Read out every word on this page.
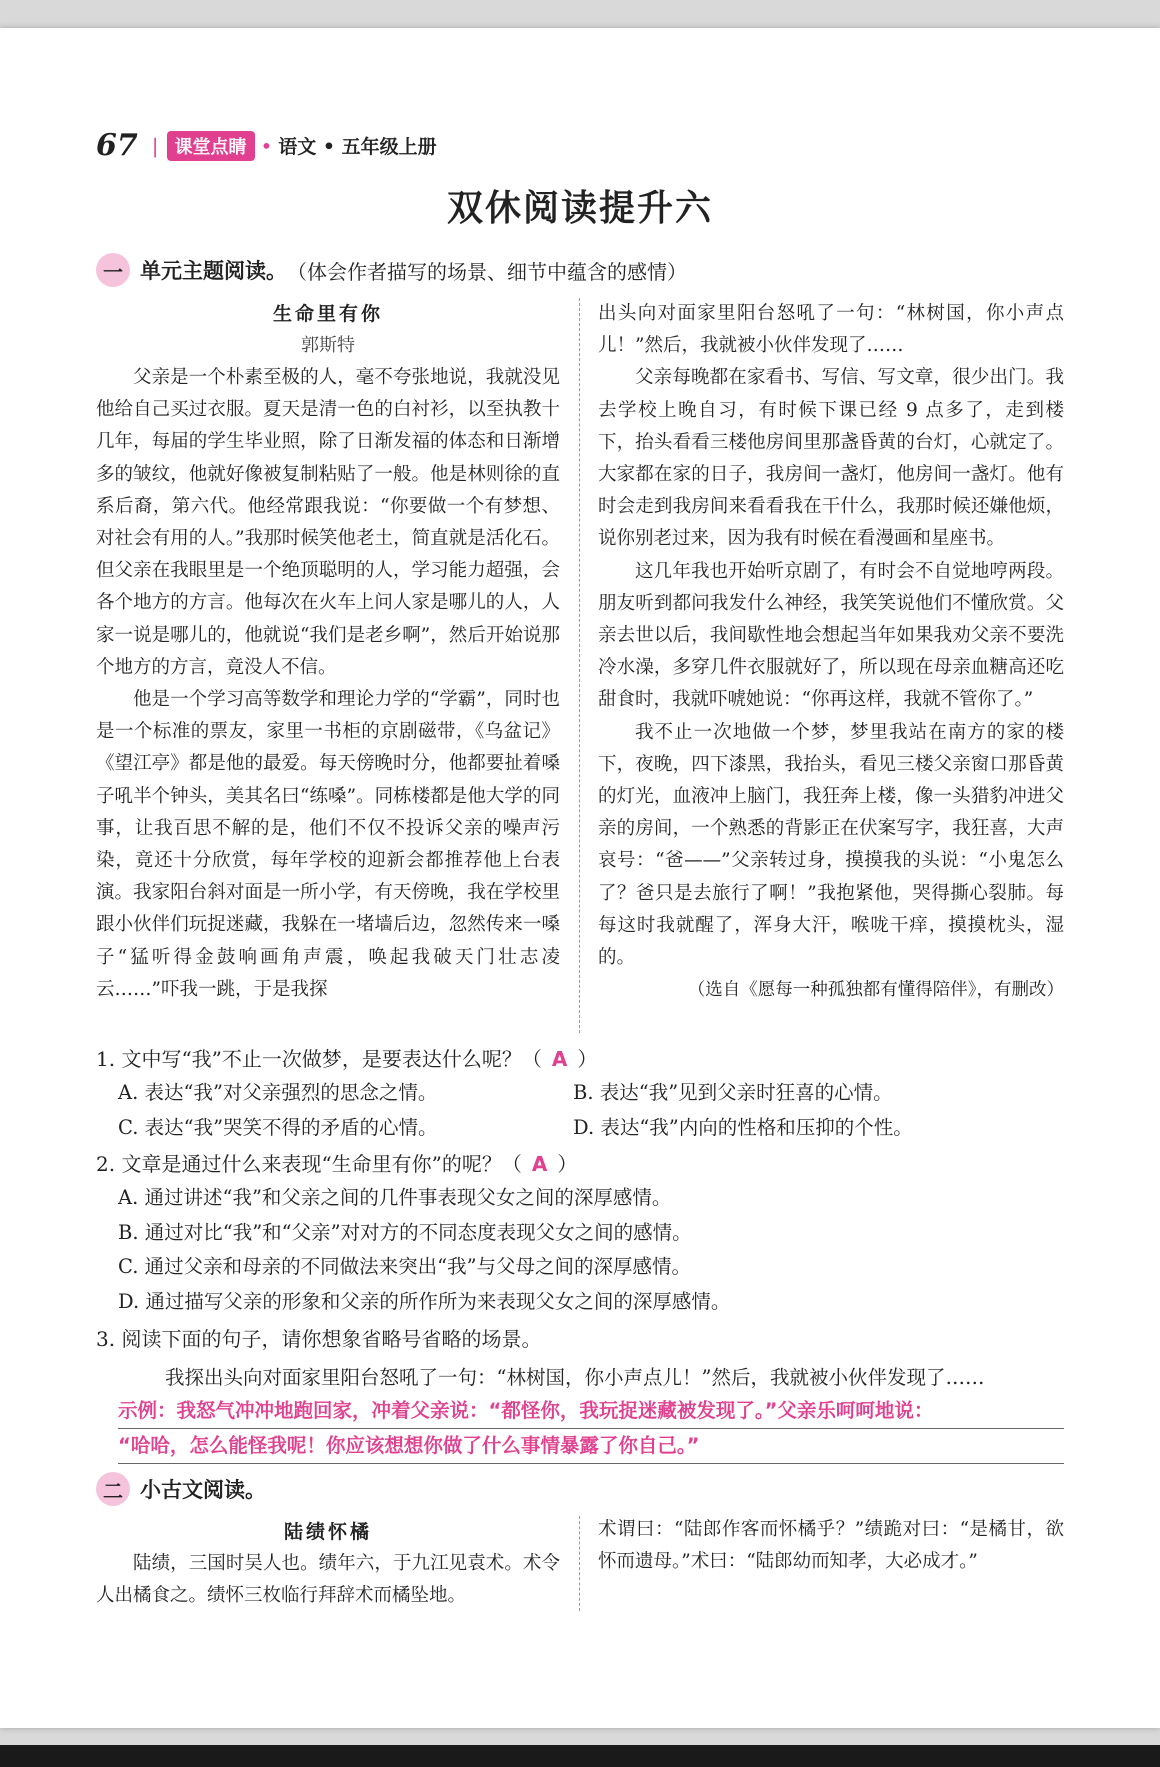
67 | 课堂点睛 • 语文 • 五年级上册
双休阅读提升六
一 单元主题阅读。 （体会作者描写的场景、细节中蕴含的感情）
生命里有你
郭斯特

父亲是一个朴素至极的人，毫不夸张地说，我就没见他给自己买过衣服。夏天是清一色的白衬衫，以至执教十几年，每届的学生毕业照，除了日渐发福的体态和日渐增多的皱纹，他就好像被复制粘贴了一般。他是林则徐的直系后裔，第六代。他经常跟我说：“你要做一个有梦想、对社会有用的人。”我那时候笑他老土，简直就是活化石。但父亲在我眼里是一个绝顶聪明的人，学习能力超强，会各个地方的方言。他每次在火车上问人家是哪儿的人，人家一说是哪儿的，他就说“我们是老乡啊”，然后开始说那个地方的方言，竟没人不信。

他是一个学习高等数学和理论力学的“学霸”，同时也是一个标准的票友，家里一书柜的京剧磁带，《乌盆记》《望江亭》都是他的最爱。每天傍晚时分，他都要扯着嗓子吼半个钟头，美其名曰“练嗓”。同栋楼都是他大学的同事，让我百思不解的是，他们不仅不投诉父亲的噪声污染，竟还十分欣赏，每年学校的迎新会都推荐他上台表演。我家阳台斜对面是一所小学，有天傍晚，我在学校里跟小伙伴们玩捉迷藏，我躲在一堵墙后边，忽然传来一嗓子“猛听得金鼓响画角声震，唤起我破天门壮志凌云……”吓我一跳，于是我探

出头向对面家里阳台怒吼了一句：“林树国，你小声点儿！”然后，我就被小伙伴发现了……

父亲每晚都在家看书、写信、写文章，很少出门。我去学校上晚自习，有时候下课已经 9 点多了，走到楼下，抬头看看三楼他房间里那盏昏黄的台灯，心就定了。大家都在家的日子，我房间一盏灯，他房间一盏灯。他有时会走到我房间来看看我在干什么，我那时候还嫌他烦，说你别老过来，因为我有时候在看漫画和星座书。

这几年我也开始听京剧了，有时会不自觉地哼两段。朋友听到都问我发什么神经，我笑笑说他们不懂欣赏。父亲去世以后，我间歇性地会想起当年如果我劝父亲不要洗冷水澡，多穿几件衣服就好了，所以现在母亲血糖高还吃甜食时，我就吓唬她说：“你再这样，我就不管你了。”

我不止一次地做一个梦，梦里我站在南方的家的楼下，夜晚，四下漆黑，我抬头，看见三楼父亲窗口那昏黄的灯光，血液冲上脑门，我狂奔上楼，像一头猎豹冲进父亲的房间，一个熟悉的背影正在伏案写字，我狂喜，大声哀号：“爸——”父亲转过身，摸摸我的头说：“小鬼怎么了？爸只是去旅行了啊！”我抱紧他，哭得撕心裂肺。每每这时我就醒了，浑身大汗，喉咙干痒，摸摸枕头，湿的。

（选自《愿每一种孤独都有懂得陪伴》，有删改）
1. 文中写“我”不止一次做梦，是要表达什么呢？（ A ）
A. 表达“我”对父亲强烈的思念之情。	B. 表达“我”见到父亲时狂喜的心情。
C. 表达“我”哭笑不得的矛盾的心情。	D. 表达“我”内向的性格和压抑的个性。
2. 文章是通过什么来表现“生命里有你”的呢？（ A ）
A. 通过讲述“我”和父亲之间的几件事表现父女之间的深厚感情。
B. 通过对比“我”和“父亲”对对方的不同态度表现父女之间的感情。
C. 通过父亲和母亲的不同做法来突出“我”与父母之间的深厚感情。
D. 通过描写父亲的形象和父亲的所作所为来表现父女之间的深厚感情。
3. 阅读下面的句子，请你想象省略号省略的场景。
我探出头向对面家里阳台怒吼了一句：“林树国，你小声点儿！”然后，我就被小伙伴发现了……
示例：我怒气冲冲地跑回家，冲着父亲说：“都怪你，我玩捉迷藏被发现了。”父亲乐呵呵地说：
“哈哈，怎么能怪我呢！你应该想想你做了什么事情暴露了你自己。”
二 小古文阅读。
陆绩怀橘

陆绩，三国时吴人也。绩年六，于九江见袁术。术令人出橘食之。绩怀三枚临行拜辞术而橘坠地。

术谓曰：“陆郎作客而怀橘乎？”绩跪对曰：“是橘甘，欲怀而遗母。”术曰：“陆郎幼而知孝，大必成才。”
